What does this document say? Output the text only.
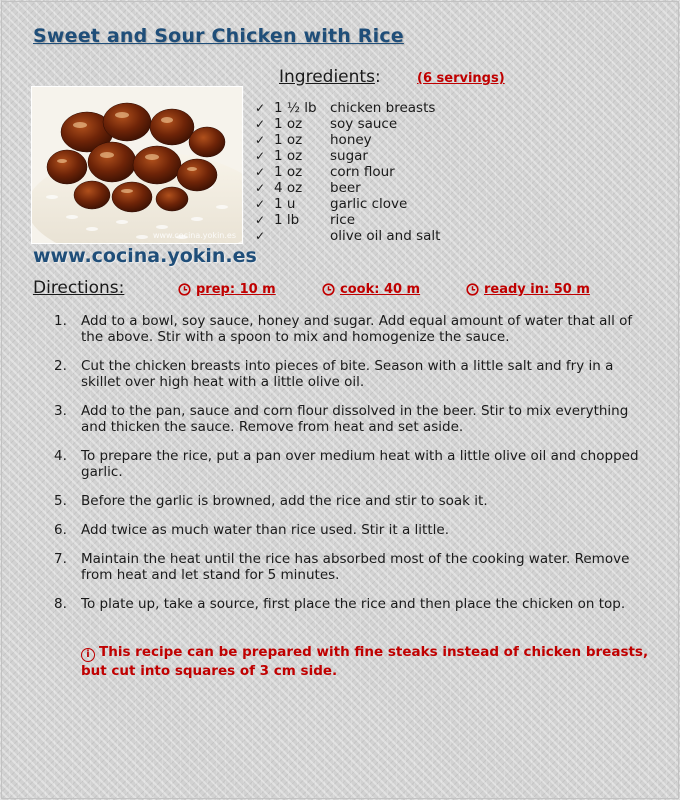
Sweet and Sour Chicken with Rice
www.cocina.yokin.es
www.cocina.yokin.es
Ingredients:	(6 servings)
✓ 1 ½ lb chicken breasts
✓ 1 oz soy sauce
✓ 1 oz honey
✓ 1 oz sugar
✓ 1 oz corn flour
✓ 4 oz beer
✓ 1 u	garlic clove
✓ 1 lb rice
✓	olive oil and salt
Directions:	prep: 10 m	cook: 40 m	ready in: 50 m
1. Add to a bowl, soy sauce, honey and sugar. Add equal amount of water that all of the above. Stir with a spoon to mix and homogenize the sauce.
2. Cut the chicken breasts into pieces of bite. Season with a little salt and fry in a skillet over high heat with a little olive oil.
3. Add to the pan, sauce and corn flour dissolved in the beer. Stir to mix everything and thicken the sauce. Remove from heat and set aside.
4. To prepare the rice, put a pan over medium heat with a little olive oil and chopped garlic.
5. Before the garlic is browned, add the rice and stir to soak it.
6. Add twice as much water than rice used. Stir it a little.
7. Maintain the heat until the rice has absorbed most of the cooking water. Remove from heat and let stand for 5 minutes.
8. To plate up, take a source, first place the rice and then place the chicken on top.
i This recipe can be prepared with fine steaks instead of chicken breasts, but cut into squares of 3 cm side.
